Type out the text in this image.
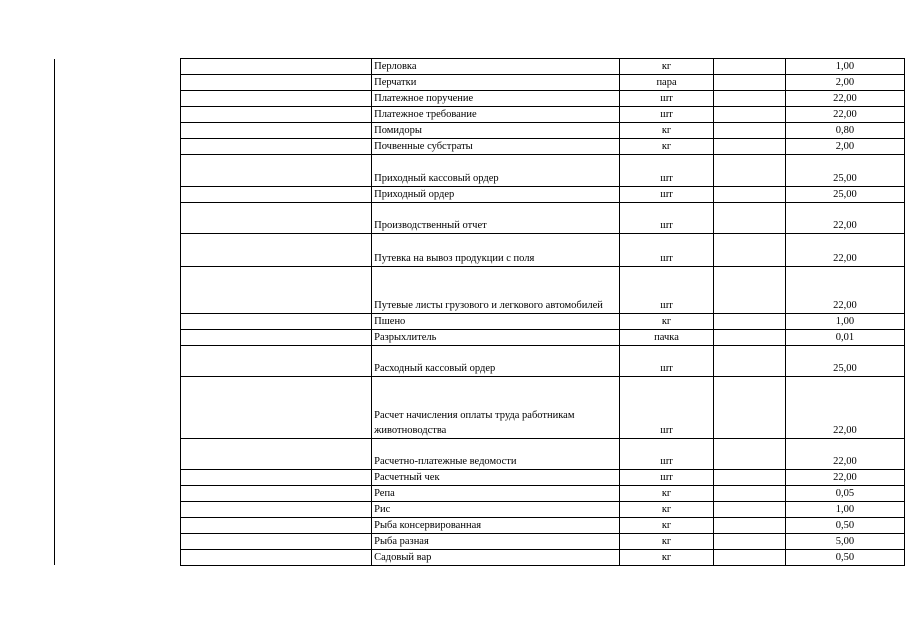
	Перловка	кг		1,00
	Перчатки	пара		2,00
	Платежное поручение	шт		22,00
	Платежное требование	шт		22,00
	Помидоры	кг		0,80
	Почвенные субстраты	кг		2,00
	Приходный кассовый ордер	шт		25,00
	Приходный ордер	шт		25,00
	Производственный отчет	шт		22,00
	Путевка на вывоз продукции с поля	шт		22,00
	Путевые листы грузового и легкового автомобилей	шт		22,00
	Пшено	кг		1,00
	Разрыхлитель	пачка		0,01
	Расходный кассовый ордер	шт		25,00
	Расчет начисления оплаты труда работникам животноводства	шт		22,00
	Расчетно-платежные ведомости	шт		22,00
	Расчетный чек	шт		22,00
	Репа	кг		0,05
	Рис	кг		1,00
	Рыба консервированная	кг		0,50
	Рыба разная	кг		5,00
	Садовый вар	кг		0,50
